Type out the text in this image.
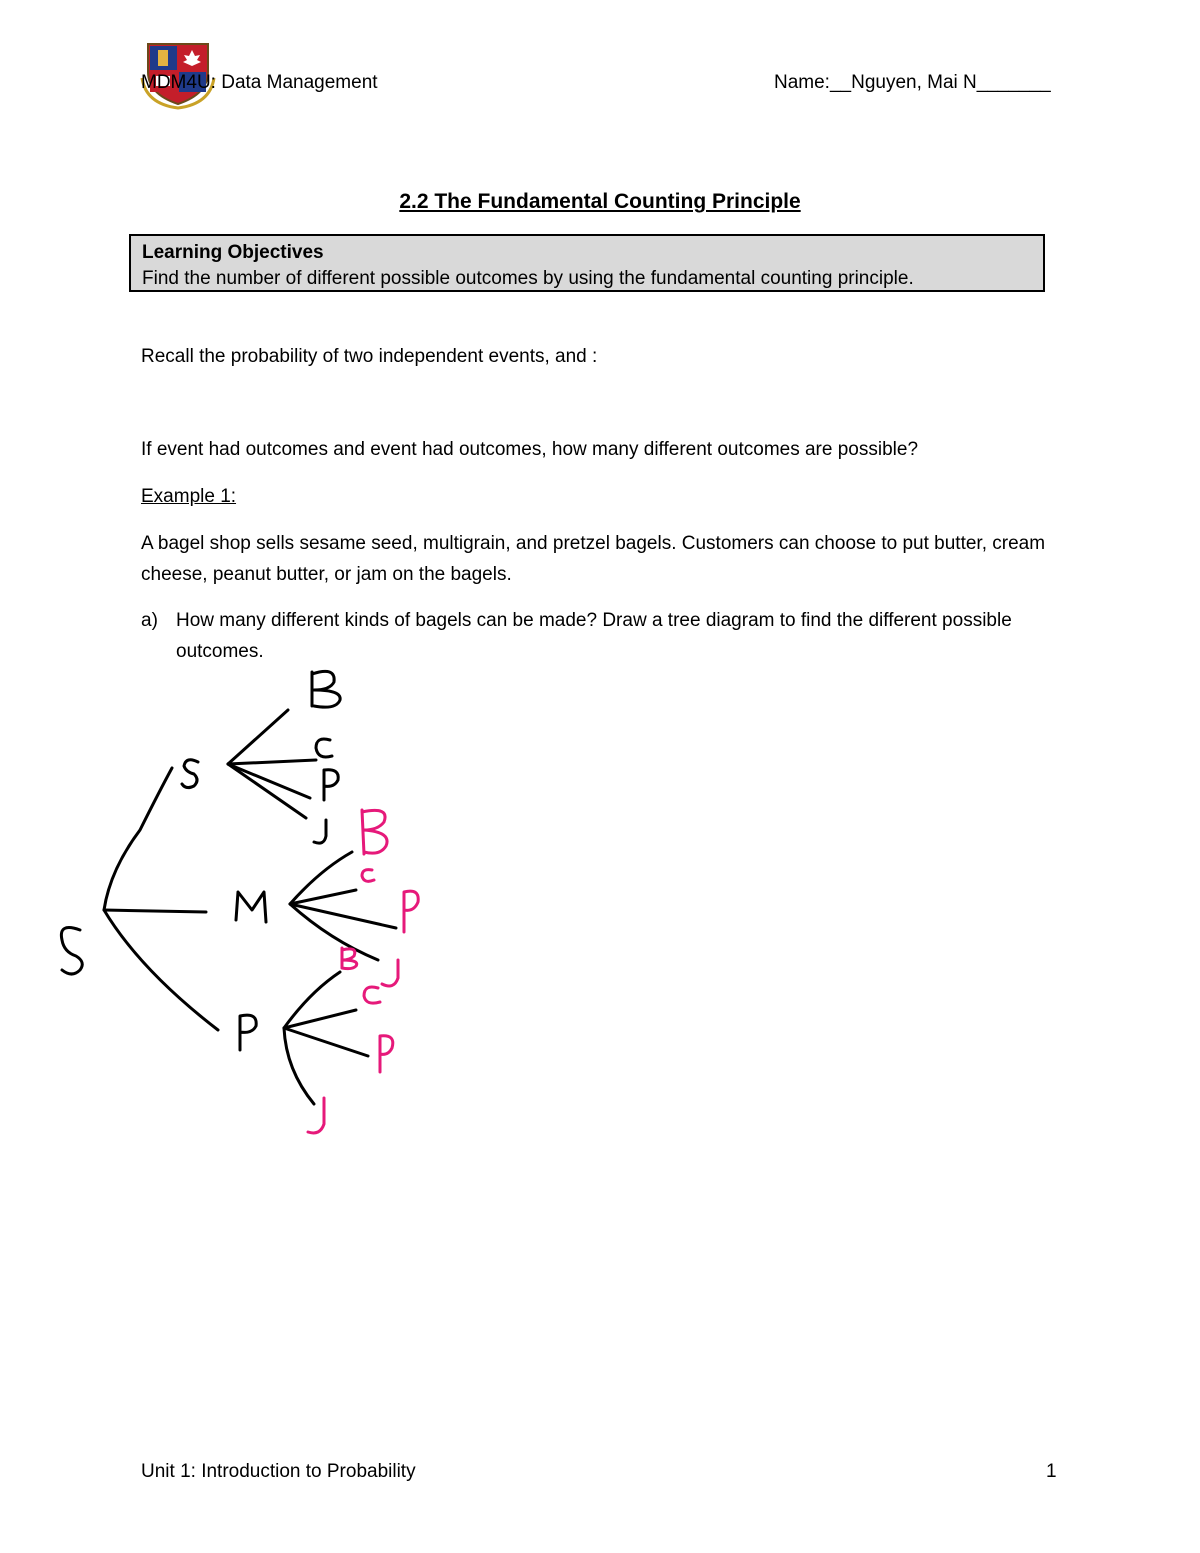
MDM4U: Data Management	Name:__Nguyen, Mai N_______
2.2 The Fundamental Counting Principle
Learning Objectives
Find the number of different possible outcomes by using the fundamental counting principle.
Recall the probability of two independent events, and :
If event had outcomes and event had outcomes, how many different outcomes are possible?
Example 1:
A bagel shop sells sesame seed, multigrain, and pretzel bagels. Customers can choose to put butter, cream cheese, peanut butter, or jam on the bagels.
a) How many different kinds of bagels can be made? Draw a tree diagram to find the different possible outcomes.
Unit 1: Introduction to Probability	1
